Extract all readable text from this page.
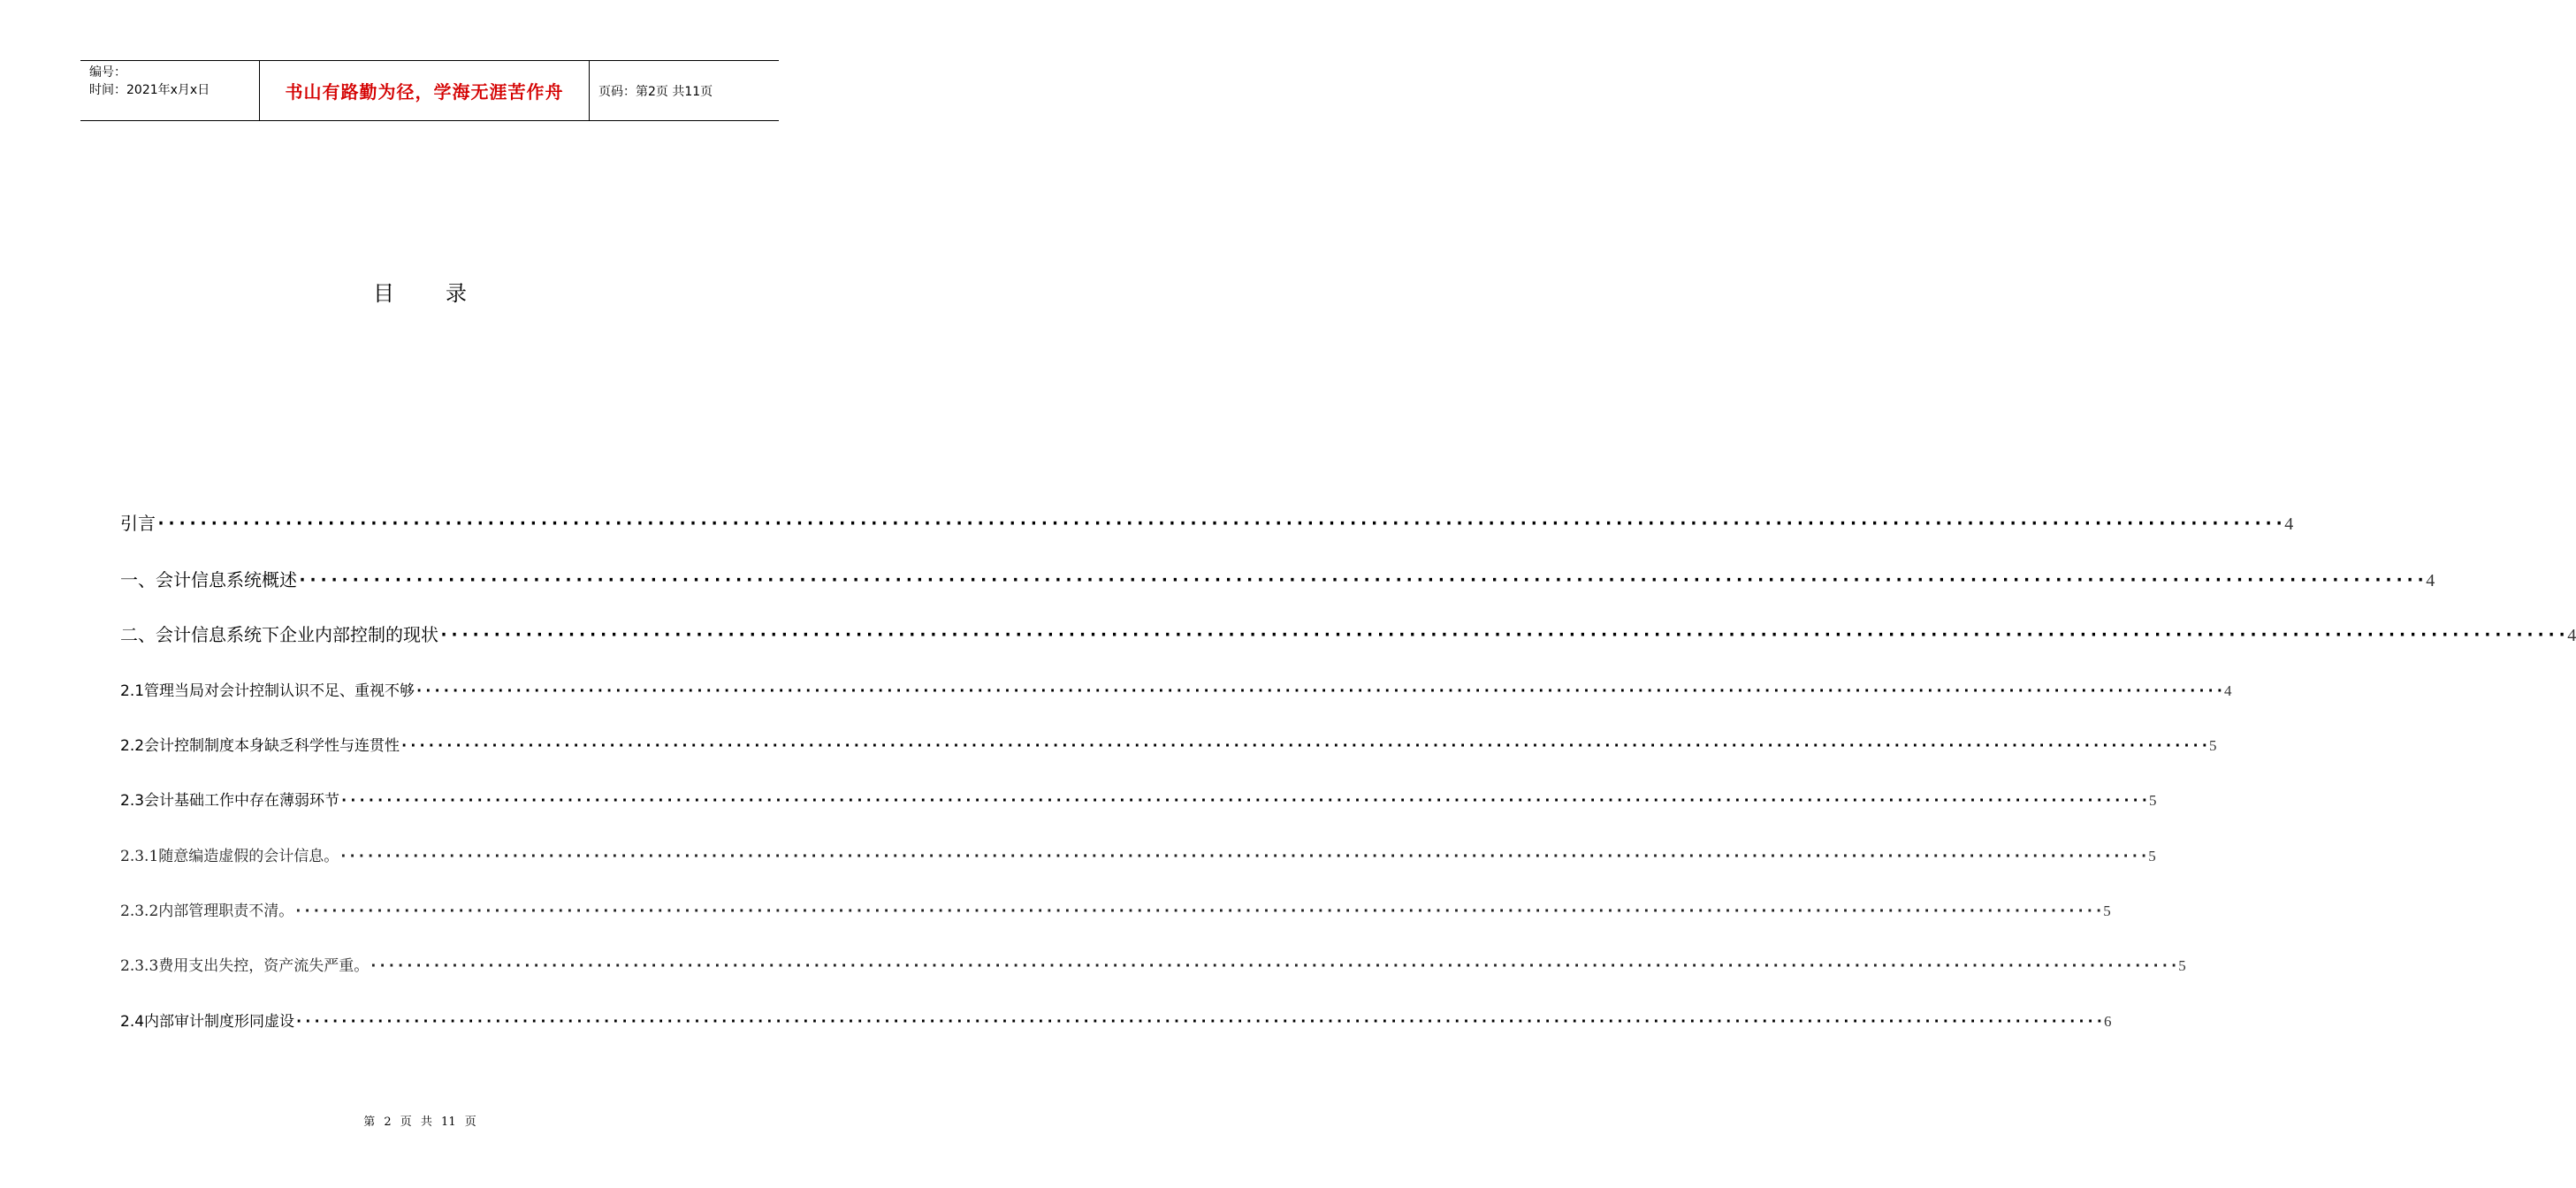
编号：
时间：2021年x月x日	书山有路勤为径，学海无涯苦作舟	页码：第2页 共11页
目录
引言 ········································································································································································································ 4
一、会计信息系统概述 ········································································································································································································ 4
二、会计信息系统下企业内部控制的现状 ········································································································································································································ 4
2.1管理当局对会计控制认识不足、重视不够 ········································································································································································································ 4
2.2会计控制制度本身缺乏科学性与连贯性 ········································································································································································································ 5
2.3会计基础工作中存在薄弱环节 ········································································································································································································ 5
2.3.1随意编造虚假的会计信息。 ········································································································································································································ 5
2.3.2内部管理职责不清。 ········································································································································································································ 5
2.3.3费用支出失控，资产流失严重。 ········································································································································································································ 5
2.4内部审计制度形同虚设 ········································································································································································································ 6
第 2 页 共 11 页
